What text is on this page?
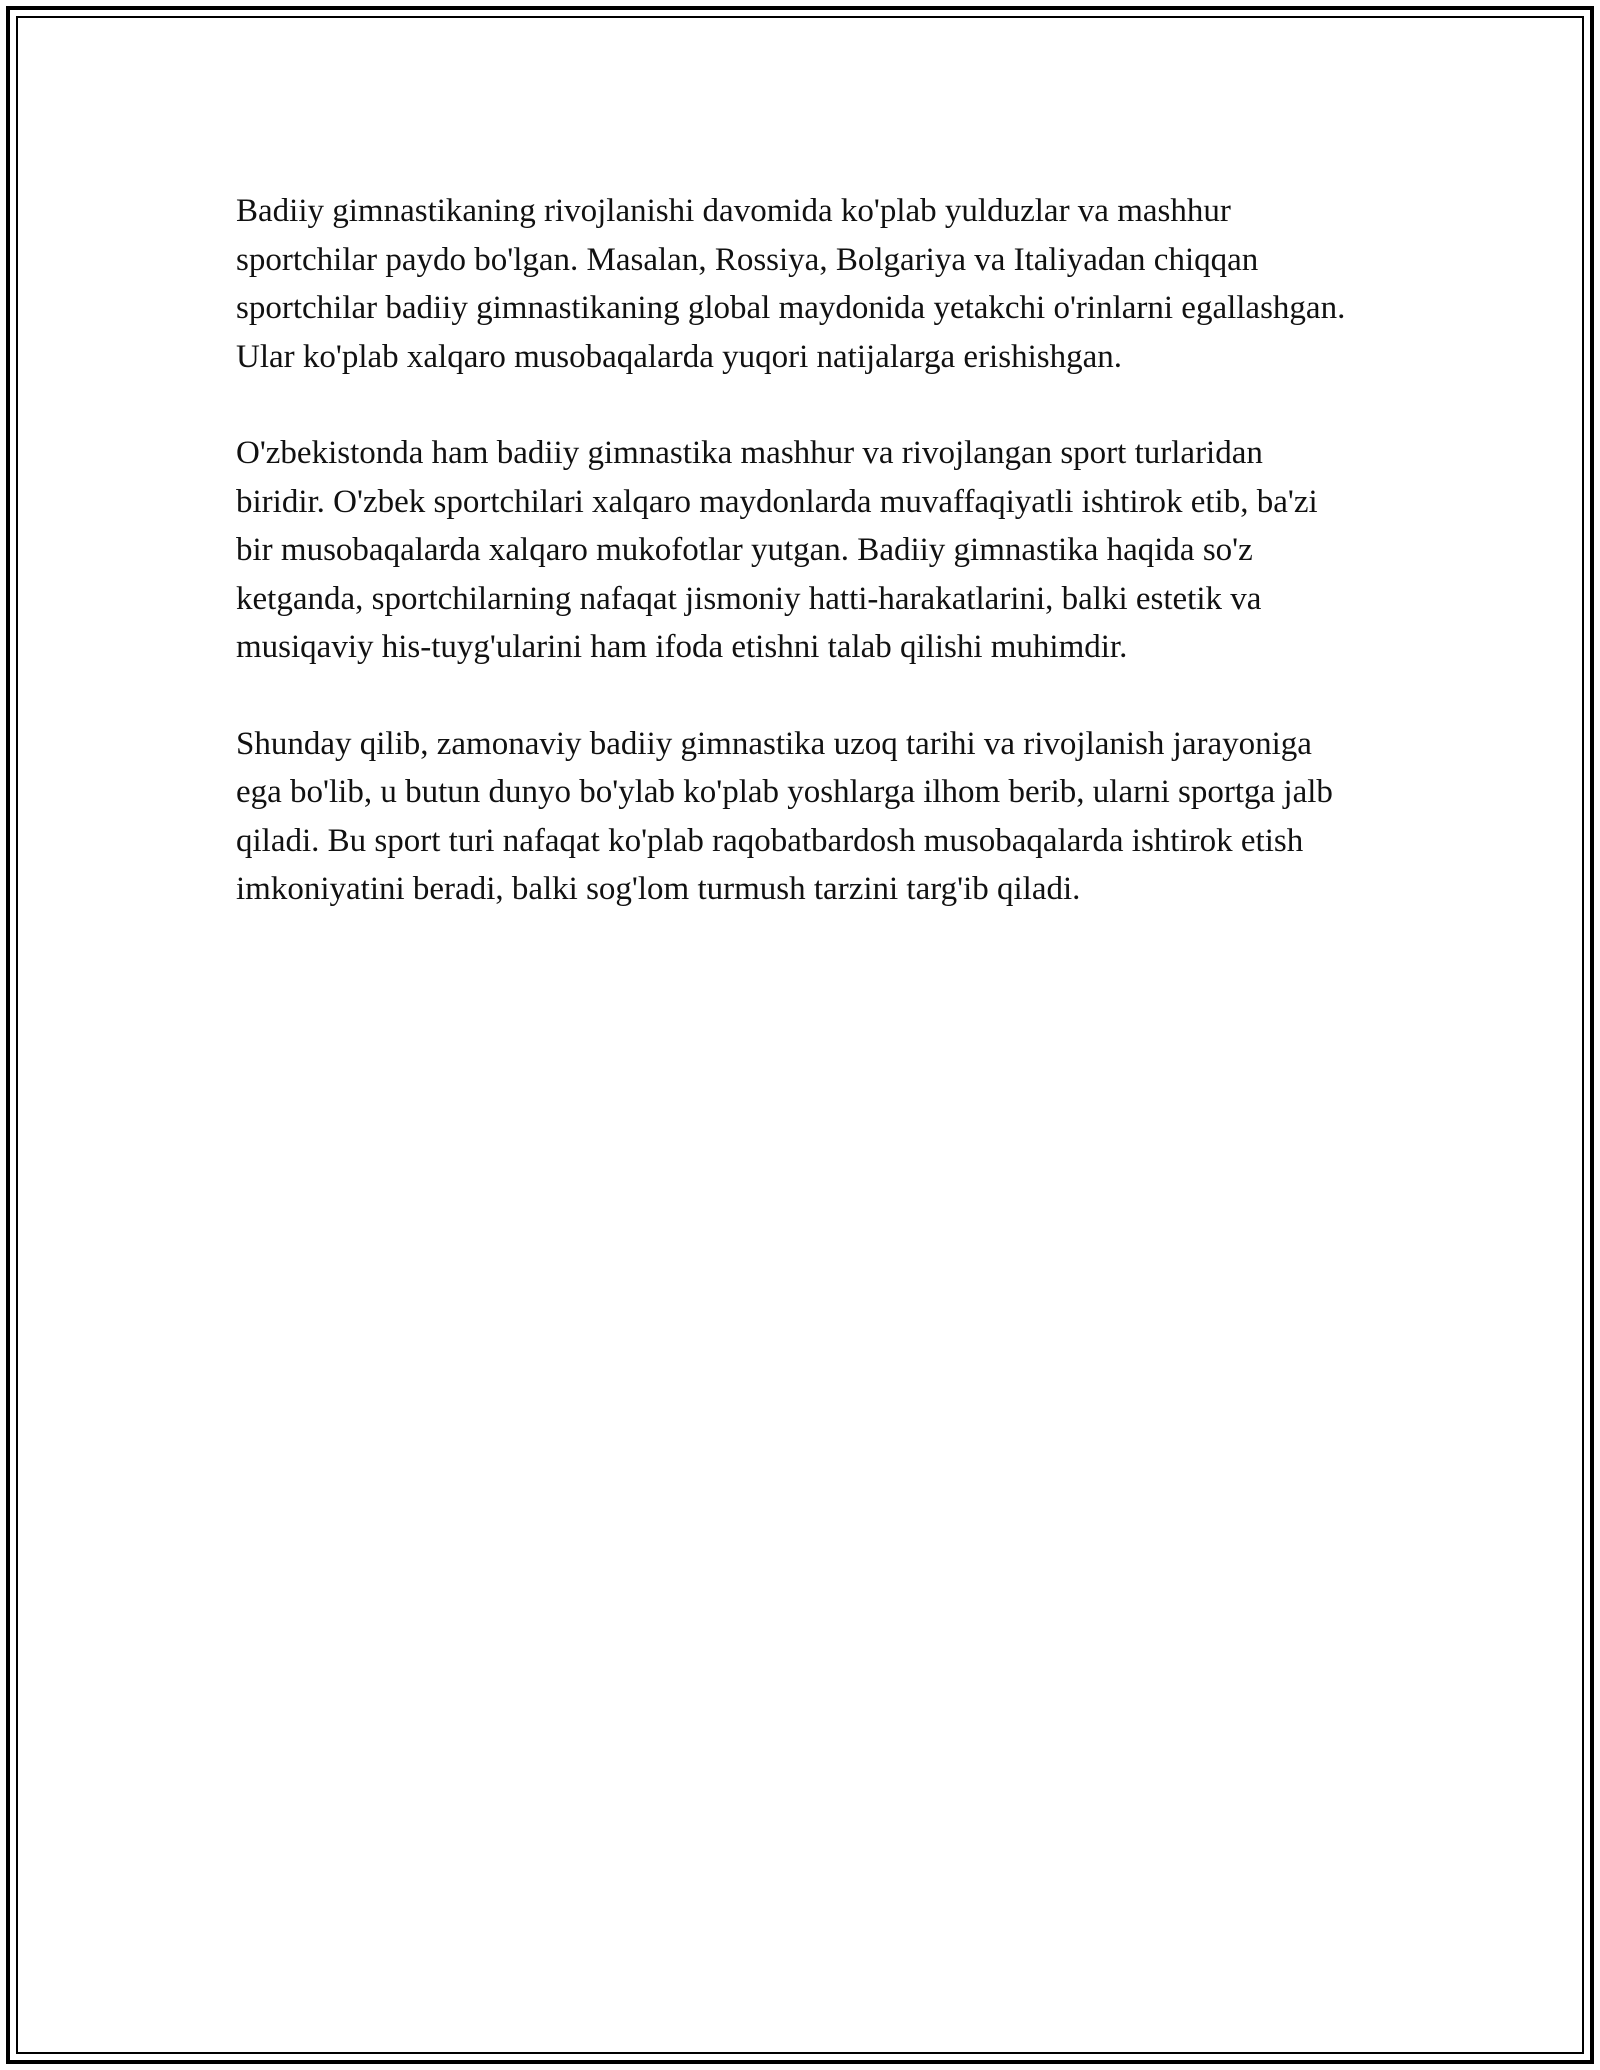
Badiiy gimnastikaning rivojlanishi davomida ko'plab yulduzlar va mashhur sportchilar paydo bo'lgan. Masalan, Rossiya, Bolgariya va Italiyadan chiqqan sportchilar badiiy gimnastikaning global maydonida yetakchi o'rinlarni egallashgan. Ular ko'plab xalqaro musobaqalarda yuqori natijalarga erishishgan.

O'zbekistonda ham badiiy gimnastika mashhur va rivojlangan sport turlaridan biridir. O'zbek sportchilari xalqaro maydonlarda muvaffaqiyatli ishtirok etib, ba'zi bir musobaqalarda xalqaro mukofotlar yutgan. Badiiy gimnastika haqida so'z ketganda, sportchilarning nafaqat jismoniy hatti-harakatlarini, balki estetik va musiqaviy his-tuyg'ularini ham ifoda etishni talab qilishi muhimdir.

Shunday qilib, zamonaviy badiiy gimnastika uzoq tarihi va rivojlanish jarayoniga ega bo'lib, u butun dunyo bo'ylab ko'plab yoshlarga ilhom berib, ularni sportga jalb qiladi. Bu sport turi nafaqat ko'plab raqobatbardosh musobaqalarda ishtirok etish imkoniyatini beradi, balki sog'lom turmush tarzini targ'ib qiladi.
